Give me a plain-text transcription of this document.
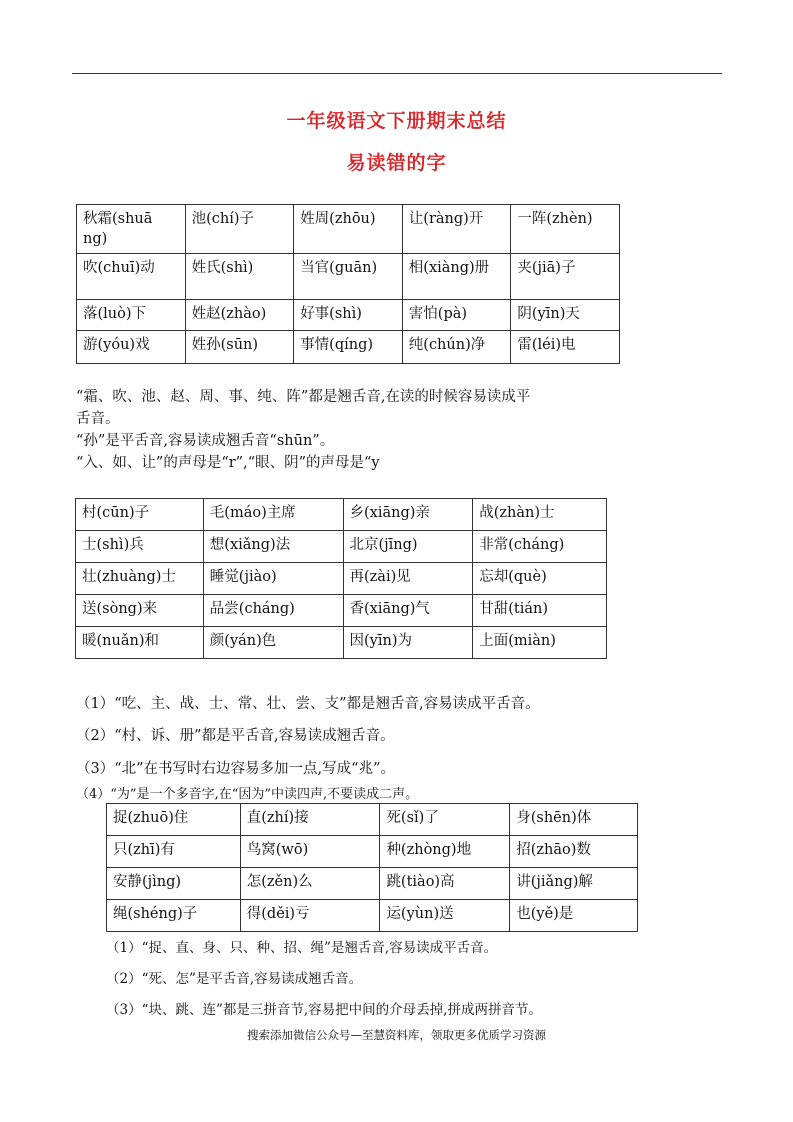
一年级语文下册期末总结
易读错的字
秋霜(shuā
ng)	池(chí)子	姓周(zhōu)	让(ràng)开	一阵(zhèn)
吹(chuī)动	姓氏(shì)	当官(guān)	相(xiàng)册	夹(jiā)子
落(luò)下	姓赵(zhào)	好事(shì)	害怕(pà)	阴(yīn)天
游(yóu)戏	姓孙(sūn)	事情(qíng)	纯(chún)净	雷(léi)电
“霜、吹、池、赵、周、事、纯、阵”都是翘舌音,在读的时候容易读成平
舌音。
“孙”是平舌音,容易读成翘舌音“shūn”。
“入、如、让”的声母是“r”,“眼、阴”的声母是“y
村(cūn)子	毛(máo)主席	乡(xiāng)亲	战(zhàn)士
士(shì)兵	想(xiǎng)法	北京(jīng)	非常(cháng)
壮(zhuàng)士	睡觉(jiào)	再(zài)见	忘却(què)
送(sòng)来	品尝(cháng)	香(xiāng)气	甘甜(tián)
暖(nuǎn)和	颜(yán)色	因(yīn)为	上面(miàn)
（1）“吃、主、战、士、常、壮、尝、支”都是翘舌音,容易读成平舌音。
（2）“村、诉、册”都是平舌音,容易读成翘舌音。
（3）“北”在书写时右边容易多加一点,写成“兆”。
（4）“为”是一个多音字,在“因为”中读四声,不要读成二声。
捉(zhuō)住	直(zhí)接	死(sǐ)了	身(shēn)体
只(zhī)有	鸟窝(wō)	种(zhòng)地	招(zhāo)数
安静(jìng)	怎(zěn)么	跳(tiào)高	讲(jiǎng)解
绳(shéng)子	得(děi)亏	运(yùn)送	也(yě)是
（1）“捉、直、身、只、种、招、绳”是翘舌音,容易读成平舌音。
（2）“死、怎”是平舌音,容易读成翘舌音。
（3）“块、跳、连”都是三拼音节,容易把中间的介母丢掉,拼成两拼音节。
搜索添加微信公众号—至慧资料库，领取更多优质学习资源
